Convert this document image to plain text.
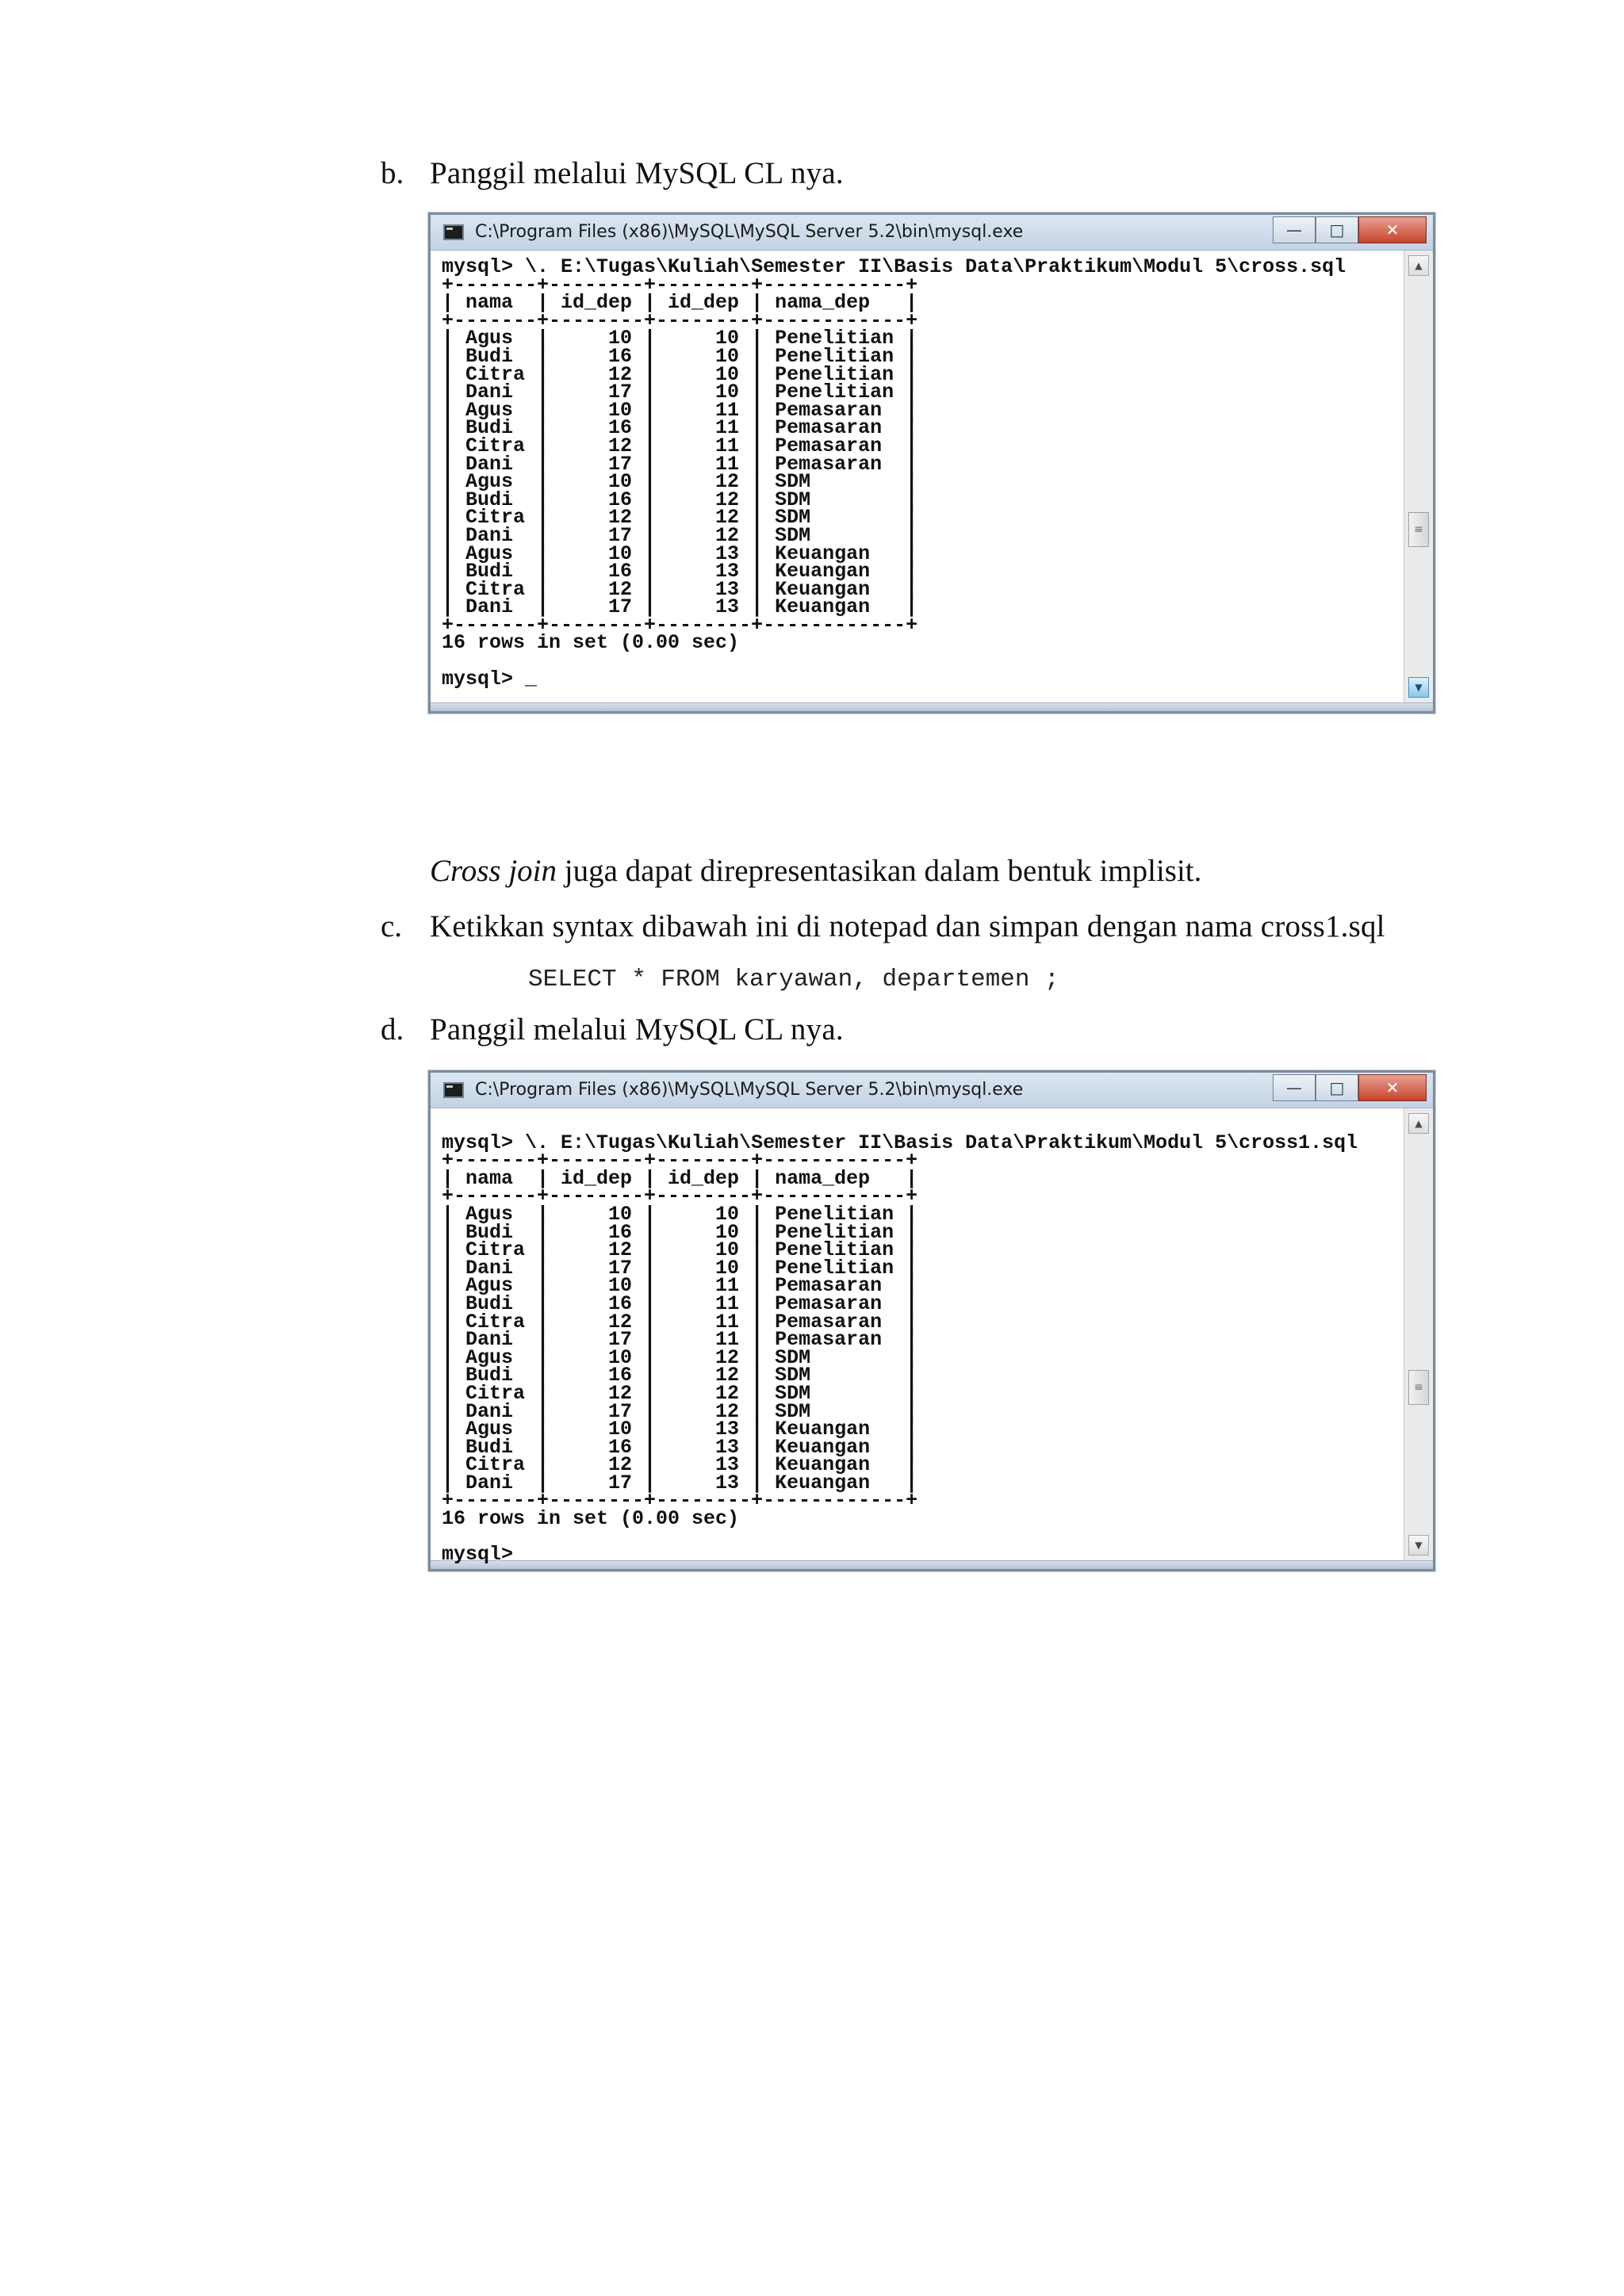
b. Panggil melalui MySQL CL nya.
C:\Program Files (x86)\MySQL\MySQL Server 5.2\bin\mysql.exe	—	□	✕
mysql> \. E:\Tugas\Kuliah\Semester II\Basis Data\Praktikum\Modul 5\cross.sql
+-------+--------+--------+------------+
| nama  | id_dep | id_dep | nama_dep   |
+-------+--------+--------+------------+
| Agus  |     10 |     10 | Penelitian |
| Budi  |     16 |     10 | Penelitian |
| Citra |     12 |     10 | Penelitian |
| Dani  |     17 |     10 | Penelitian |
| Agus  |     10 |     11 | Pemasaran  |
| Budi  |     16 |     11 | Pemasaran  |
| Citra |     12 |     11 | Pemasaran  |
| Dani  |     17 |     11 | Pemasaran  |
| Agus  |     10 |     12 | SDM        |
| Budi  |     16 |     12 | SDM        |
| Citra |     12 |     12 | SDM        |
| Dani  |     17 |     12 | SDM        |
| Agus  |     10 |     13 | Keuangan   |
| Budi  |     16 |     13 | Keuangan   |
| Citra |     12 |     13 | Keuangan   |
| Dani  |     17 |     13 | Keuangan   |
+-------+--------+--------+------------+
16 rows in set (0.00 sec)

mysql> _
▲
≡
▼
Cross join juga dapat direpresentasikan dalam bentuk implisit.
c. Ketikkan syntax dibawah ini di notepad dan simpan dengan nama cross1.sql
SELECT * FROM karyawan, departemen ;
d. Panggil melalui MySQL CL nya.
C:\Program Files (x86)\MySQL\MySQL Server 5.2\bin\mysql.exe	—	□	✕

mysql> \. E:\Tugas\Kuliah\Semester II\Basis Data\Praktikum\Modul 5\cross1.sql
+-------+--------+--------+------------+
| nama  | id_dep | id_dep | nama_dep   |
+-------+--------+--------+------------+
| Agus  |     10 |     10 | Penelitian |
| Budi  |     16 |     10 | Penelitian |
| Citra |     12 |     10 | Penelitian |
| Dani  |     17 |     10 | Penelitian |
| Agus  |     10 |     11 | Pemasaran  |
| Budi  |     16 |     11 | Pemasaran  |
| Citra |     12 |     11 | Pemasaran  |
| Dani  |     17 |     11 | Pemasaran  |
| Agus  |     10 |     12 | SDM        |
| Budi  |     16 |     12 | SDM        |
| Citra |     12 |     12 | SDM        |
| Dani  |     17 |     12 | SDM        |
| Agus  |     10 |     13 | Keuangan   |
| Budi  |     16 |     13 | Keuangan   |
| Citra |     12 |     13 | Keuangan   |
| Dani  |     17 |     13 | Keuangan   |
+-------+--------+--------+------------+
16 rows in set (0.00 sec)

mysql>
▲
≡
▼
